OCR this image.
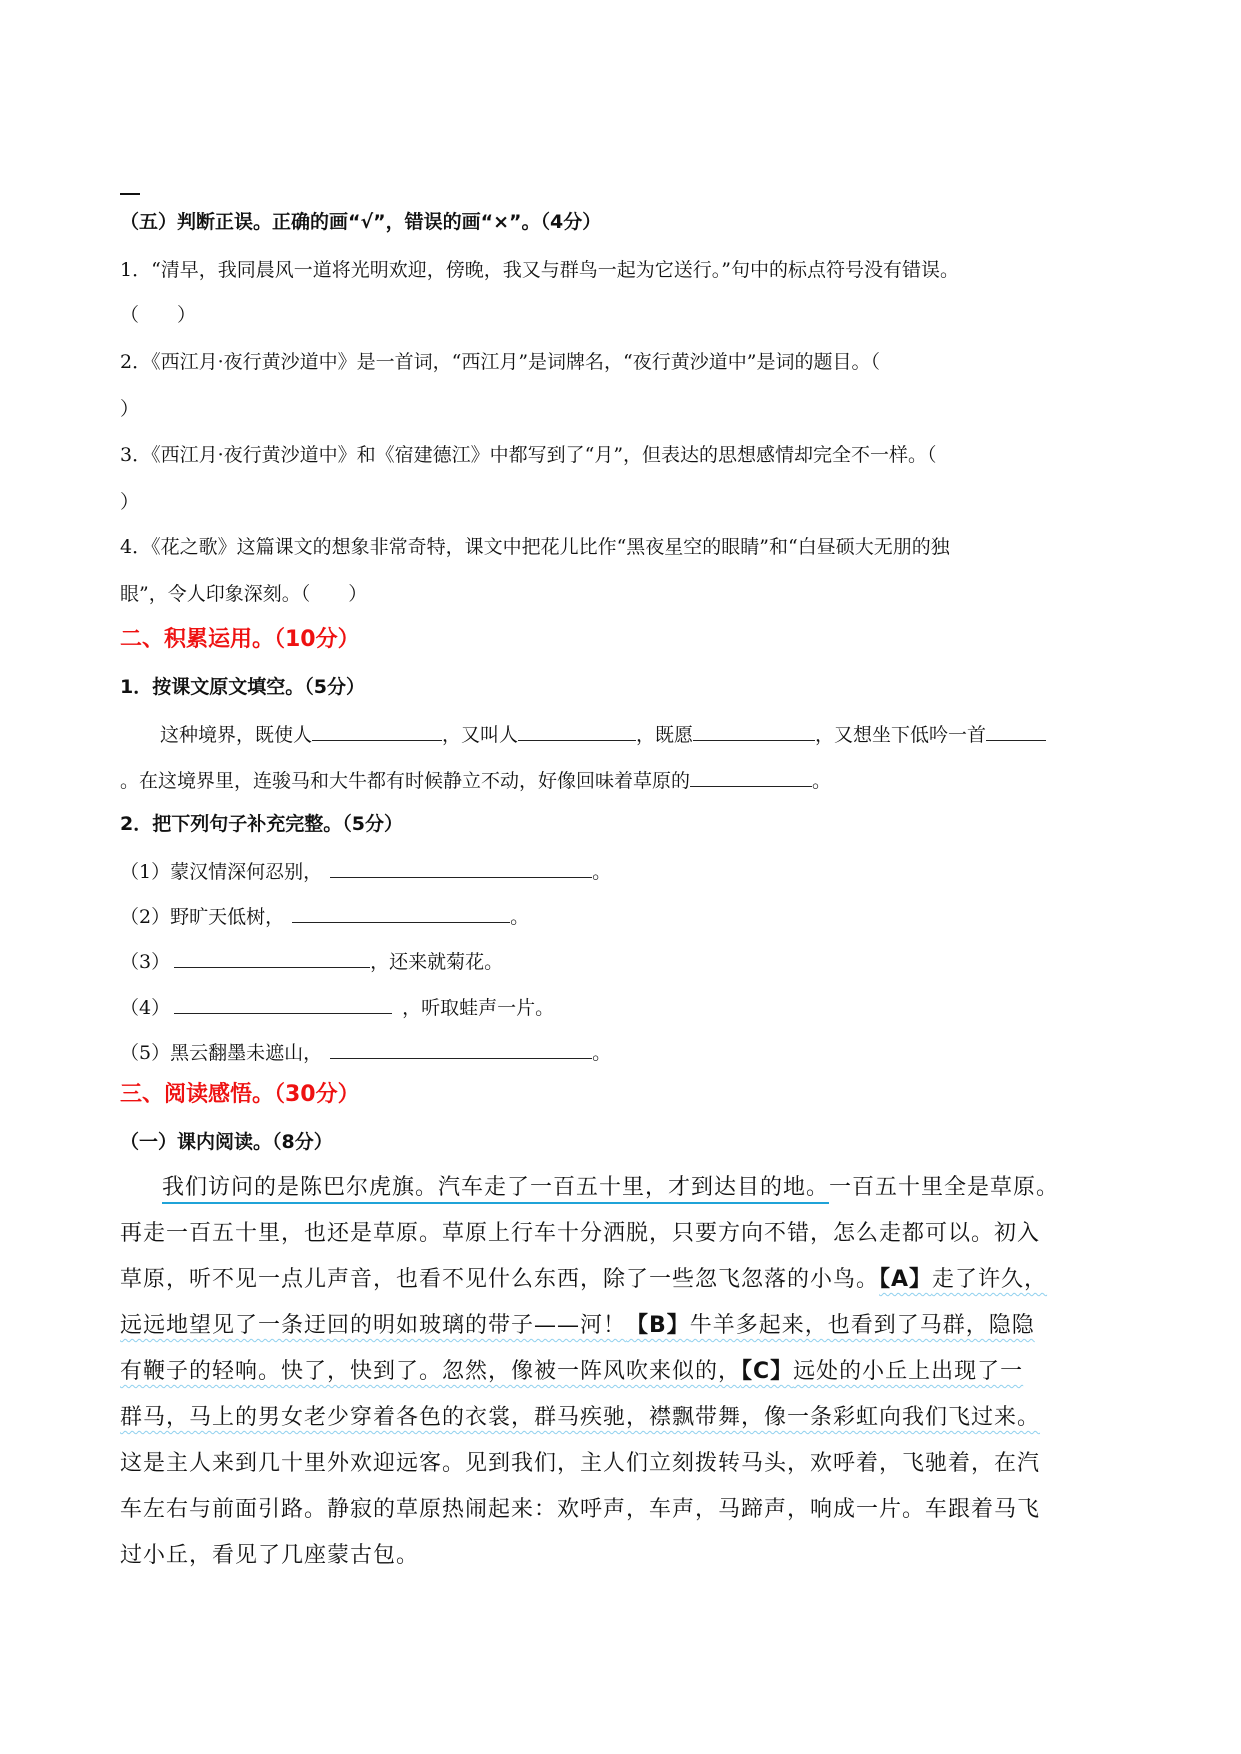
（五）判断正误。正确的画“√”，错误的画“×”。（4分）
1．“清早，我同晨风一道将光明欢迎，傍晚，我又与群鸟一起为它送行。”句中的标点符号没有错误。
（　　）
2．《西江月·夜行黄沙道中》是一首词，“西江月”是词牌名，“夜行黄沙道中”是词的题目。（
）
3．《西江月·夜行黄沙道中》和《宿建德江》中都写到了“月”，但表达的思想感情却完全不一样。（
）
4．《花之歌》这篇课文的想象非常奇特，课文中把花儿比作“黑夜星空的眼睛”和“白昼硕大无朋的独
眼”，令人印象深刻。（　　）
二、积累运用。（10分）
1．按课文原文填空。（5分）
这种境界，既使人	，又叫人	，既愿	，又想坐下低吟一首
。在这境界里，连骏马和大牛都有时候静立不动，好像回味着草原的	。
2．把下列句子补充完整。（5分）
（1）蒙汉情深何忍别，	。
（2）野旷天低树，	。
（3）	，还来就菊花。
（4）	，听取蛙声一片。
（5）黑云翻墨未遮山，	。
三、阅读感悟。（30分）
（一）课内阅读。（8分）
我们访问的是陈巴尔虎旗。汽车走了一百五十里，才到达目的地。一百五十里全是草原。
再走一百五十里，也还是草原。草原上行车十分洒脱，只要方向不错，怎么走都可以。初入
草原，听不见一点儿声音，也看不见什么东西，除了一些忽飞忽落的小鸟。【A】走了许久，
远远地望见了一条迂回的明如玻璃的带子——河！【B】牛羊多起来，也看到了马群，隐隐
有鞭子的轻响。快了，快到了。忽然，像被一阵风吹来似的，【C】远处的小丘上出现了一
群马，马上的男女老少穿着各色的衣裳，群马疾驰，襟飘带舞，像一条彩虹向我们飞过来。
这是主人来到几十里外欢迎远客。见到我们，主人们立刻拨转马头，欢呼着，飞驰着，在汽
车左右与前面引路。静寂的草原热闹起来：欢呼声，车声，马蹄声，响成一片。车跟着马飞
过小丘，看见了几座蒙古包。
